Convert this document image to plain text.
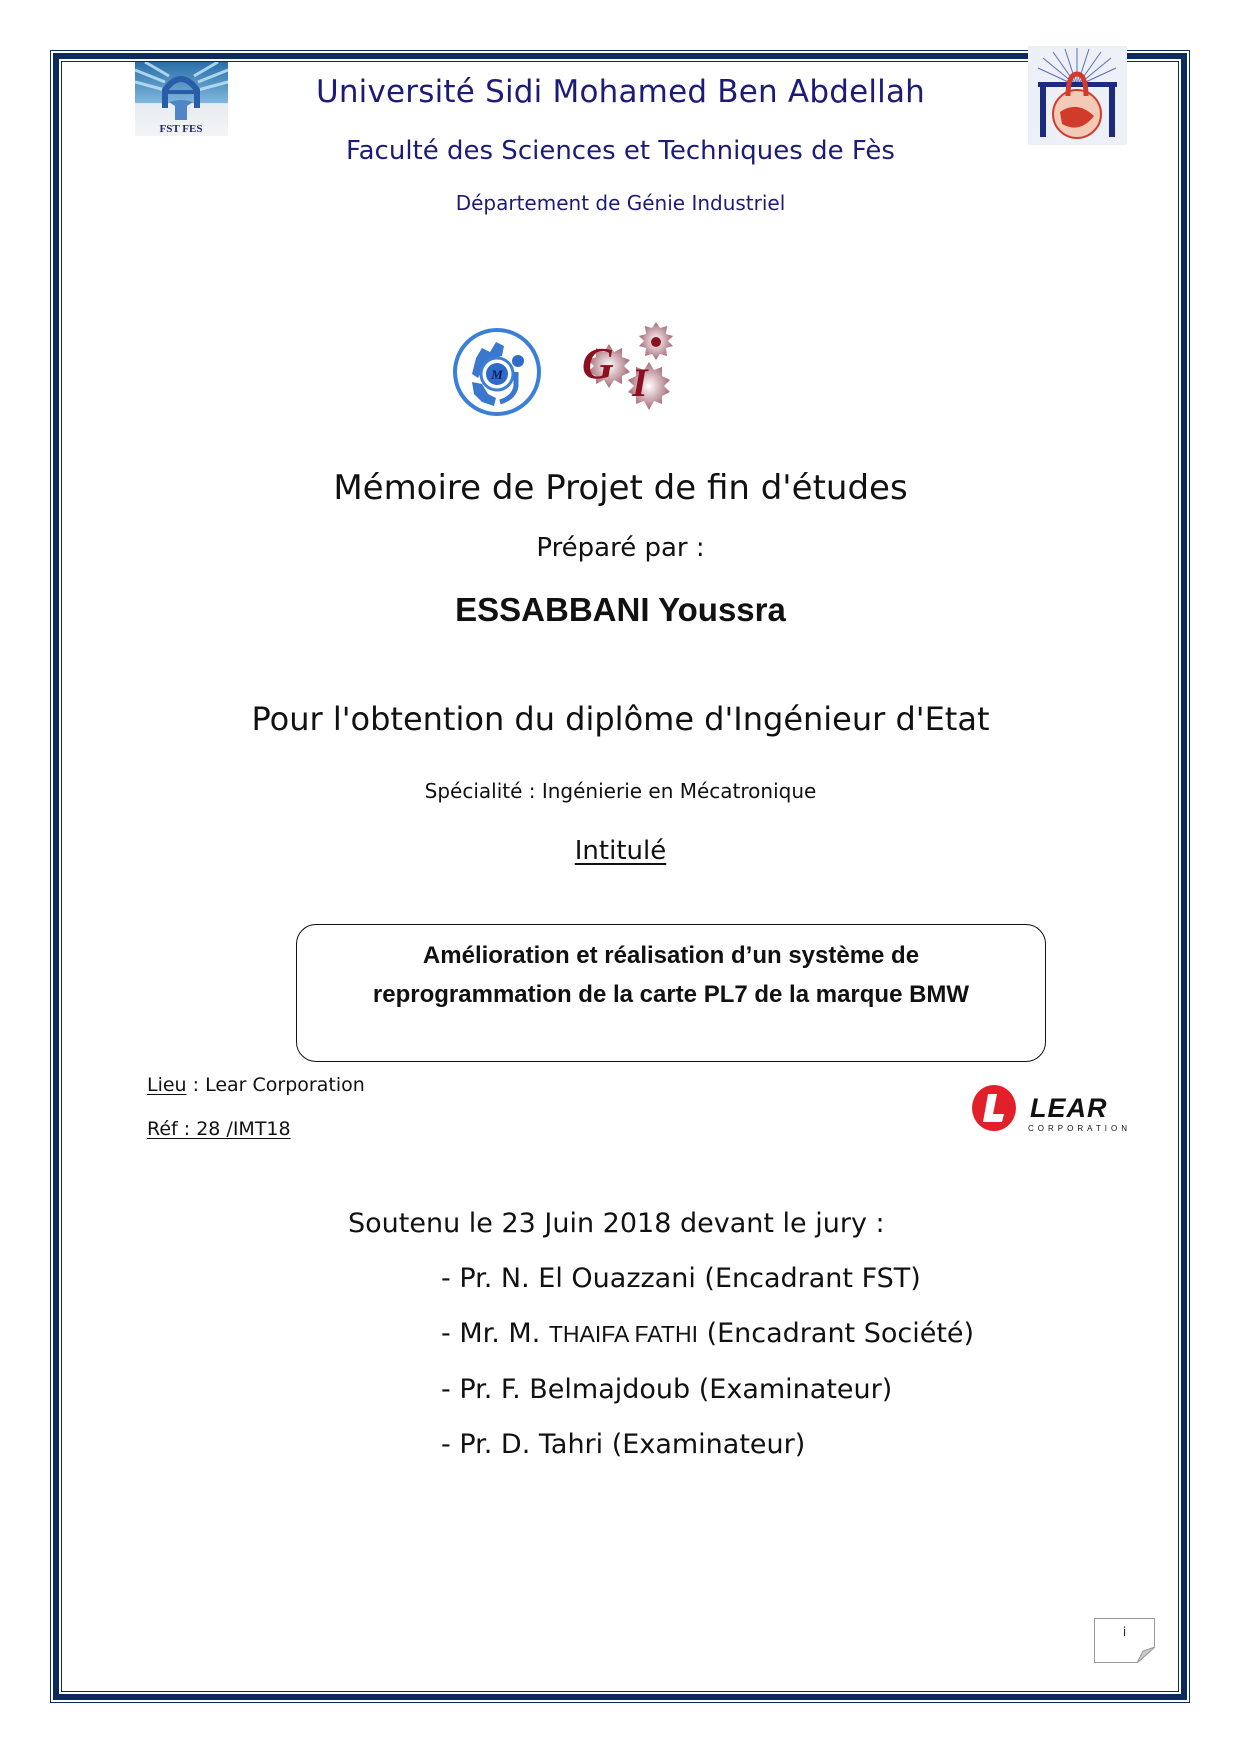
FST FES
Université Sidi Mohamed Ben Abdellah
Faculté des Sciences et Techniques de Fès
Département de Génie Industriel
M G I
Mémoire de Projet de fin d'études
Préparé par :
ESSABBANI Youssra
Pour l'obtention du diplôme d'Ingénieur d'Etat
Spécialité : Ingénierie en Mécatronique
Intitulé
Amélioration et réalisation d’un système de
reprogrammation de la carte PL7 de la marque BMW
Lieu : Lear Corporation
Réf : 28 /IMT18
LEAR
CORPORATION
Soutenu le 23 Juin 2018 devant le jury :
- Pr. N. El Ouazzani (Encadrant FST)
- Mr. M. THAIFA FATHI (Encadrant Société)
- Pr. F. Belmajdoub (Examinateur)
- Pr. D. Tahri (Examinateur)
i
